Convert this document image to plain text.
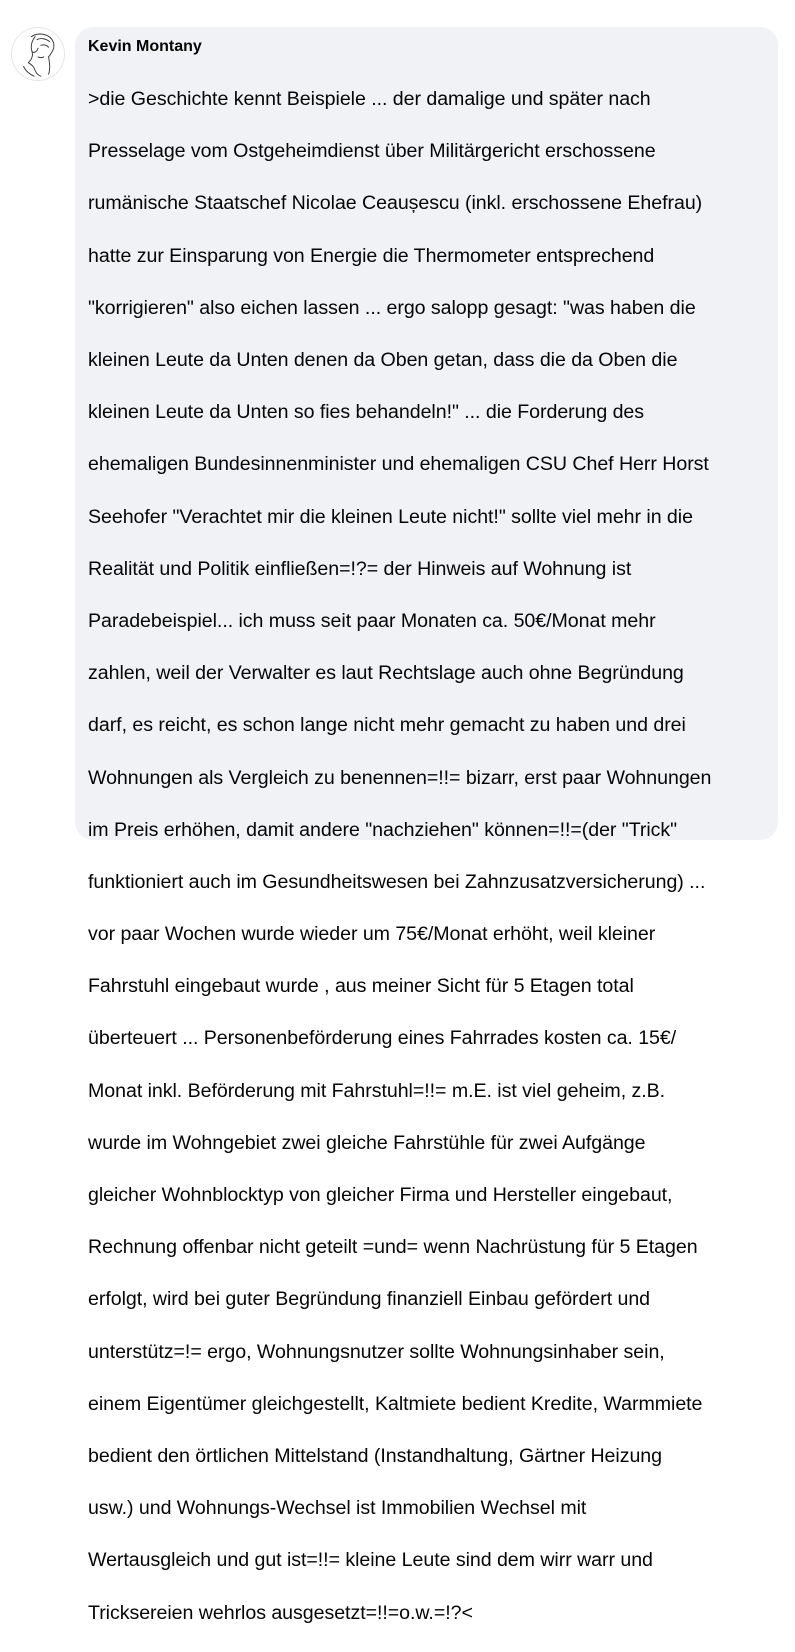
Kevin Montany

>die Geschichte kennt Beispiele ... der damalige und später nach

Presselage vom Ostgeheimdienst über Militärgericht erschossene

rumänische Staatschef Nicolae Ceaușescu (inkl. erschossene Ehefrau)

hatte zur Einsparung von Energie die Thermometer entsprechend

"korrigieren" also eichen lassen ... ergo salopp gesagt: "was haben die

kleinen Leute da Unten denen da Oben getan, dass die da Oben die

kleinen Leute da Unten so fies behandeln!" ... die Forderung des

ehemaligen Bundesinnenminister und ehemaligen CSU Chef Herr Horst

Seehofer "Verachtet mir die kleinen Leute nicht!" sollte viel mehr in die

Realität und Politik einfließen=!?= der Hinweis auf Wohnung ist

Paradebeispiel... ich muss seit paar Monaten ca. 50€/Monat mehr

zahlen, weil der Verwalter es laut Rechtslage auch ohne Begründung

darf, es reicht, es schon lange nicht mehr gemacht zu haben und drei

Wohnungen als Vergleich zu benennen=!!= bizarr, erst paar Wohnungen

im Preis erhöhen, damit andere "nachziehen" können=!!=(der "Trick"

funktioniert auch im Gesundheitswesen bei Zahnzusatzversicherung) ...

vor paar Wochen wurde wieder um 75€/Monat erhöht, weil kleiner

Fahrstuhl eingebaut wurde , aus meiner Sicht für 5 Etagen total

überteuert ... Personenbeförderung eines Fahrrades kosten ca. 15€/

Monat inkl. Beförderung mit Fahrstuhl=!!= m.E. ist viel geheim, z.B.

wurde im Wohngebiet zwei gleiche Fahrstühle für zwei Aufgänge

gleicher Wohnblocktyp von gleicher Firma und Hersteller eingebaut,

Rechnung offenbar nicht geteilt =und= wenn Nachrüstung für 5 Etagen

erfolgt, wird bei guter Begründung finanziell Einbau gefördert und

unterstütz=!= ergo, Wohnungsnutzer sollte Wohnungsinhaber sein,

einem Eigentümer gleichgestellt, Kaltmiete bedient Kredite, Warmmiete

bedient den örtlichen Mittelstand (Instandhaltung, Gärtner Heizung

usw.) und Wohnungs-Wechsel ist Immobilien Wechsel mit

Wertausgleich und gut ist=!!= kleine Leute sind dem wirr warr und

Tricksereien wehrlos ausgesetzt=!!=o.w.=!?<
